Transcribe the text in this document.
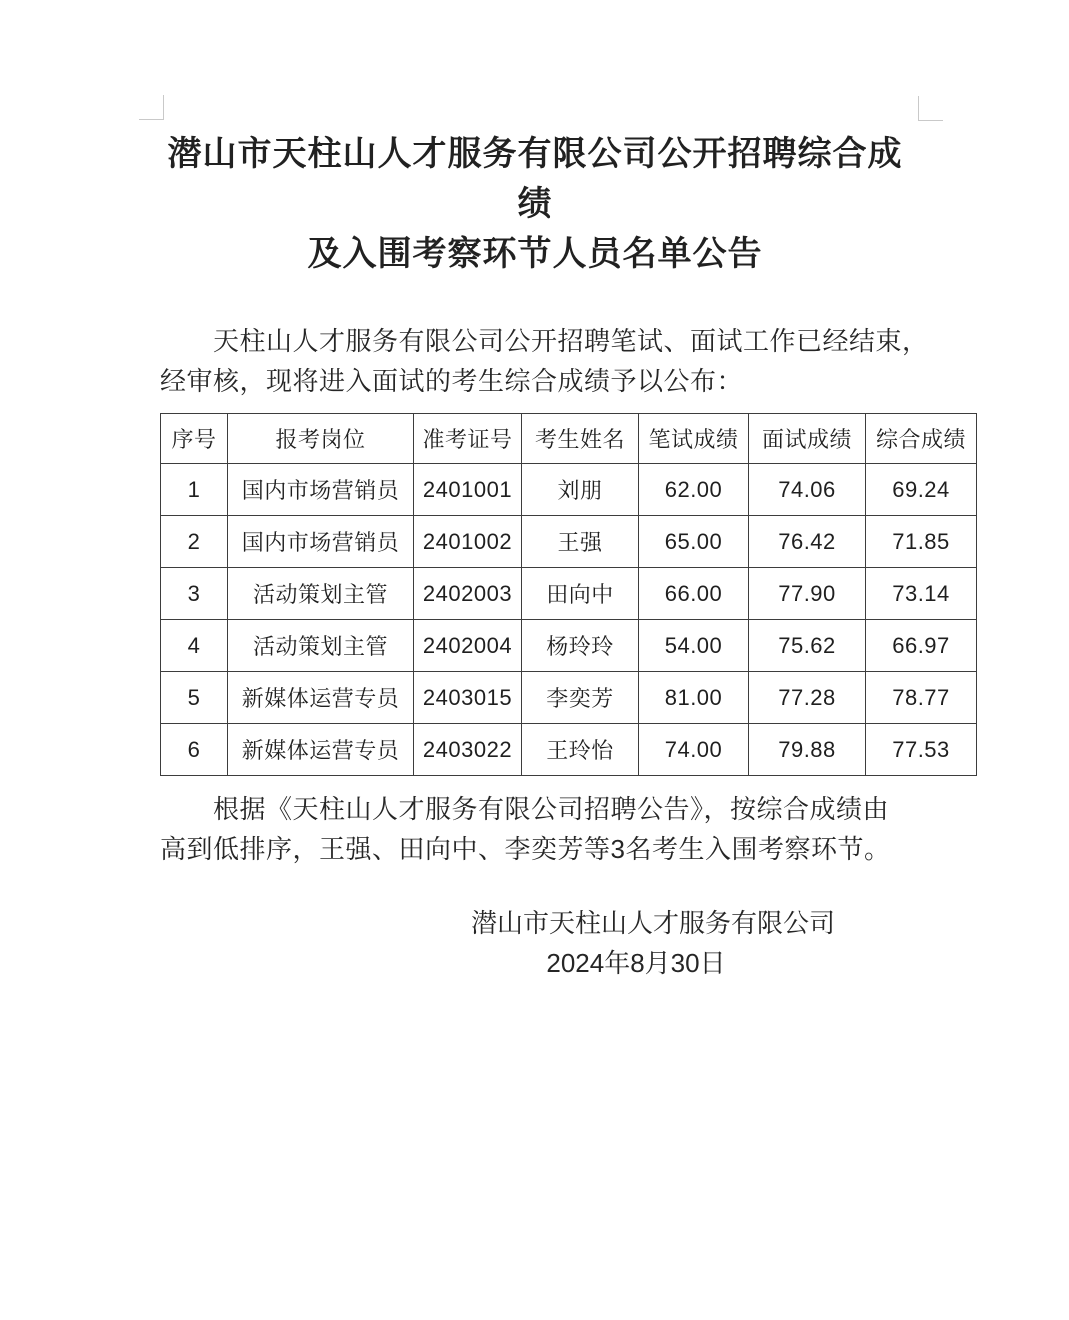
潜山市天柱山人才服务有限公司公开招聘综合成绩
及入围考察环节人员名单公告
天柱山人才服务有限公司公开招聘笔试、面试工作已经结束，
经审核，现将进入面试的考生综合成绩予以公布：
序号	报考岗位	准考证号	考生姓名	笔试成绩	面试成绩	综合成绩
1	国内市场营销员	2401001	刘朋	62.00	74.06	69.24
2	国内市场营销员	2401002	王强	65.00	76.42	71.85
3	活动策划主管	2402003	田向中	66.00	77.90	73.14
4	活动策划主管	2402004	杨玲玲	54.00	75.62	66.97
5	新媒体运营专员	2403015	李奕芳	81.00	77.28	78.77
6	新媒体运营专员	2403022	王玲怡	74.00	79.88	77.53
根据《天柱山人才服务有限公司招聘公告》，按综合成绩由
高到低排序，王强、田向中、李奕芳等3名考生入围考察环节。
潜山市天柱山人才服务有限公司
2024年8月30日
